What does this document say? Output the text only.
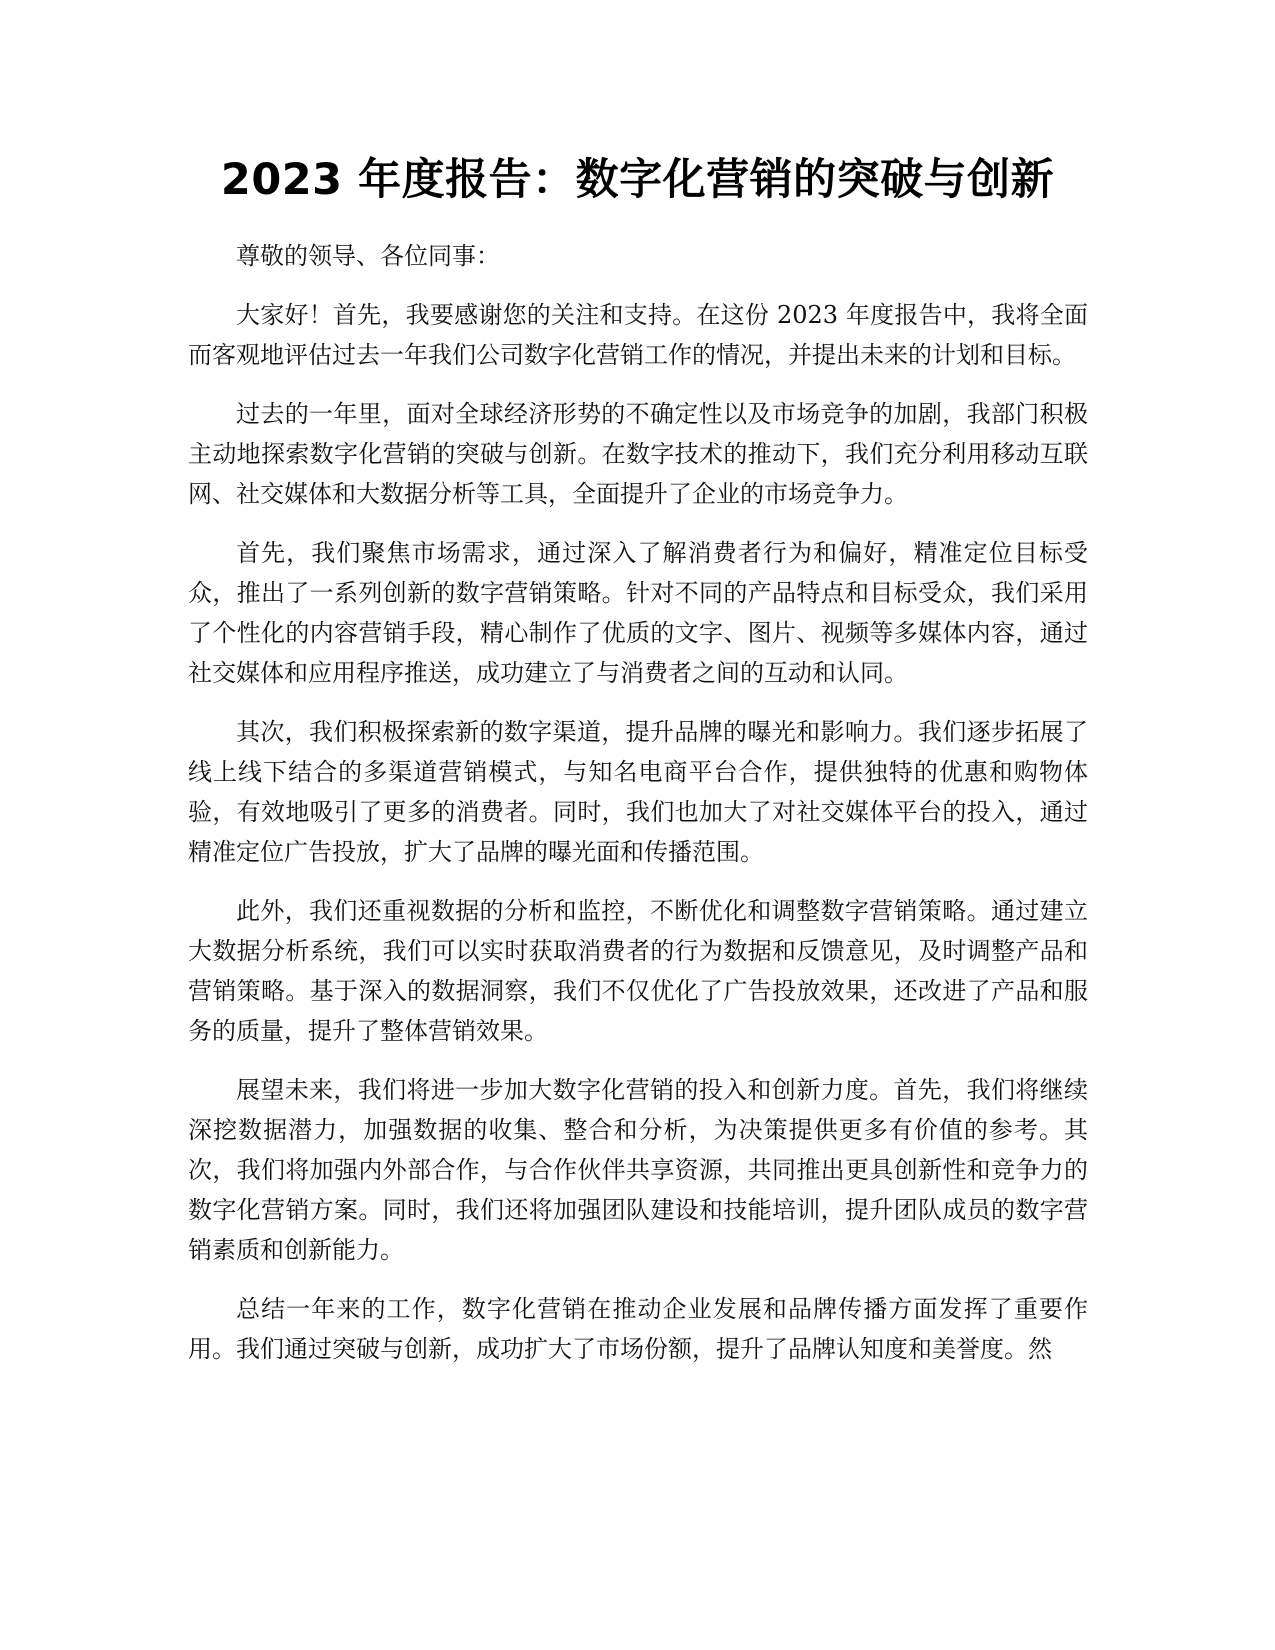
2023 年度报告：数字化营销的突破与创新

尊敬的领导、各位同事：

大家好！首先，我要感谢您的关注和支持。在这份 2023 年度报告中，我将全面而客观地评估过去一年我们公司数字化营销工作的情况，并提出未来的计划和目标。

过去的一年里，面对全球经济形势的不确定性以及市场竞争的加剧，我部门积极主动地探索数字化营销的突破与创新。在数字技术的推动下，我们充分利用移动互联网、社交媒体和大数据分析等工具，全面提升了企业的市场竞争力。

首先，我们聚焦市场需求，通过深入了解消费者行为和偏好，精准定位目标受众，推出了一系列创新的数字营销策略。针对不同的产品特点和目标受众，我们采用了个性化的内容营销手段，精心制作了优质的文字、图片、视频等多媒体内容，通过社交媒体和应用程序推送，成功建立了与消费者之间的互动和认同。

其次，我们积极探索新的数字渠道，提升品牌的曝光和影响力。我们逐步拓展了线上线下结合的多渠道营销模式，与知名电商平台合作，提供独特的优惠和购物体验，有效地吸引了更多的消费者。同时，我们也加大了对社交媒体平台的投入，通过精准定位广告投放，扩大了品牌的曝光面和传播范围。

此外，我们还重视数据的分析和监控，不断优化和调整数字营销策略。通过建立大数据分析系统，我们可以实时获取消费者的行为数据和反馈意见，及时调整产品和营销策略。基于深入的数据洞察，我们不仅优化了广告投放效果，还改进了产品和服务的质量，提升了整体营销效果。

展望未来，我们将进一步加大数字化营销的投入和创新力度。首先，我们将继续深挖数据潜力，加强数据的收集、整合和分析，为决策提供更多有价值的参考。其次，我们将加强内外部合作，与合作伙伴共享资源，共同推出更具创新性和竞争力的数字化营销方案。同时，我们还将加强团队建设和技能培训，提升团队成员的数字营销素质和创新能力。

总结一年来的工作，数字化营销在推动企业发展和品牌传播方面发挥了重要作用。我们通过突破与创新，成功扩大了市场份额，提升了品牌认知度和美誉度。然
